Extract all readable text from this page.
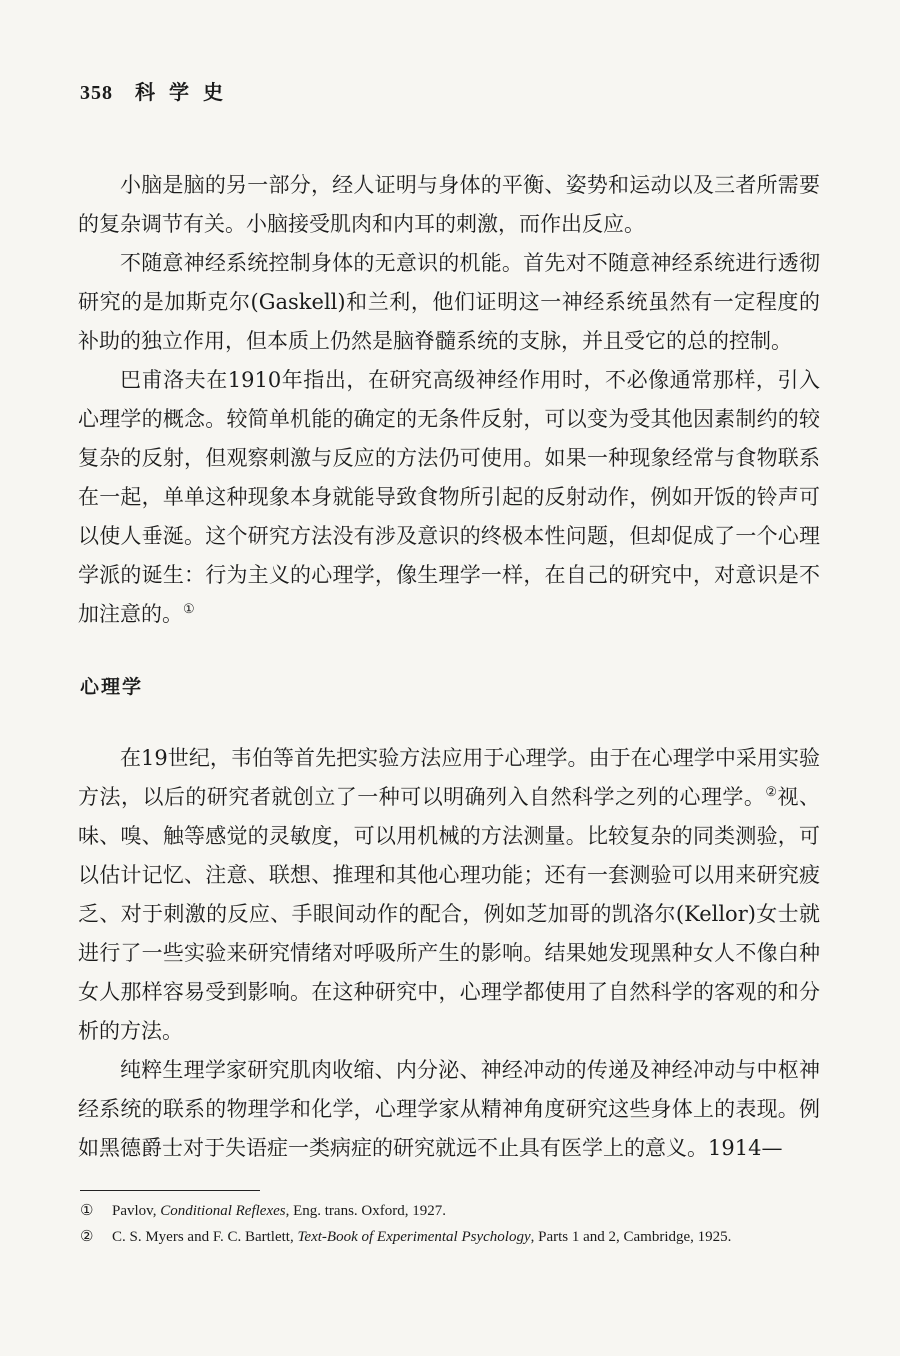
358 科学史

小脑是脑的另一部分，经人证明与身体的平衡、姿势和运动以及三者所需要的复杂调节有关。小脑接受肌肉和内耳的刺激，而作出反应。

不随意神经系统控制身体的无意识的机能。首先对不随意神经系统进行透彻研究的是加斯克尔(Gaskell)和兰利，他们证明这一神经系统虽然有一定程度的补助的独立作用，但本质上仍然是脑脊髓系统的支脉，并且受它的总的控制。

巴甫洛夫在1910年指出，在研究高级神经作用时，不必像通常那样，引入心理学的概念。较简单机能的确定的无条件反射，可以变为受其他因素制约的较复杂的反射，但观察刺激与反应的方法仍可使用。如果一种现象经常与食物联系在一起，单单这种现象本身就能导致食物所引起的反射动作，例如开饭的铃声可以使人垂涎。这个研究方法没有涉及意识的终极本性问题，但却促成了一个心理学派的诞生：行为主义的心理学，像生理学一样，在自己的研究中，对意识是不加注意的。①

心理学

在19世纪，韦伯等首先把实验方法应用于心理学。由于在心理学中采用实验方法，以后的研究者就创立了一种可以明确列入自然科学之列的心理学。②视、味、嗅、触等感觉的灵敏度，可以用机械的方法测量。比较复杂的同类测验，可以估计记忆、注意、联想、推理和其他心理功能；还有一套测验可以用来研究疲乏、对于刺激的反应、手眼间动作的配合，例如芝加哥的凯洛尔(Kellor)女士就进行了一些实验来研究情绪对呼吸所产生的影响。结果她发现黑种女人不像白种女人那样容易受到影响。在这种研究中，心理学都使用了自然科学的客观的和分析的方法。

纯粹生理学家研究肌肉收缩、内分泌、神经冲动的传递及神经冲动与中枢神经系统的联系的物理学和化学，心理学家从精神角度研究这些身体上的表现。例如黑德爵士对于失语症一类病症的研究就远不止具有医学上的意义。1914—

① Pavlov, Conditional Reflexes, Eng. trans. Oxford, 1927.

② C. S. Myers and F. C. Bartlett, Text-Book of Experimental Psychology, Parts 1 and 2, Cambridge, 1925.
